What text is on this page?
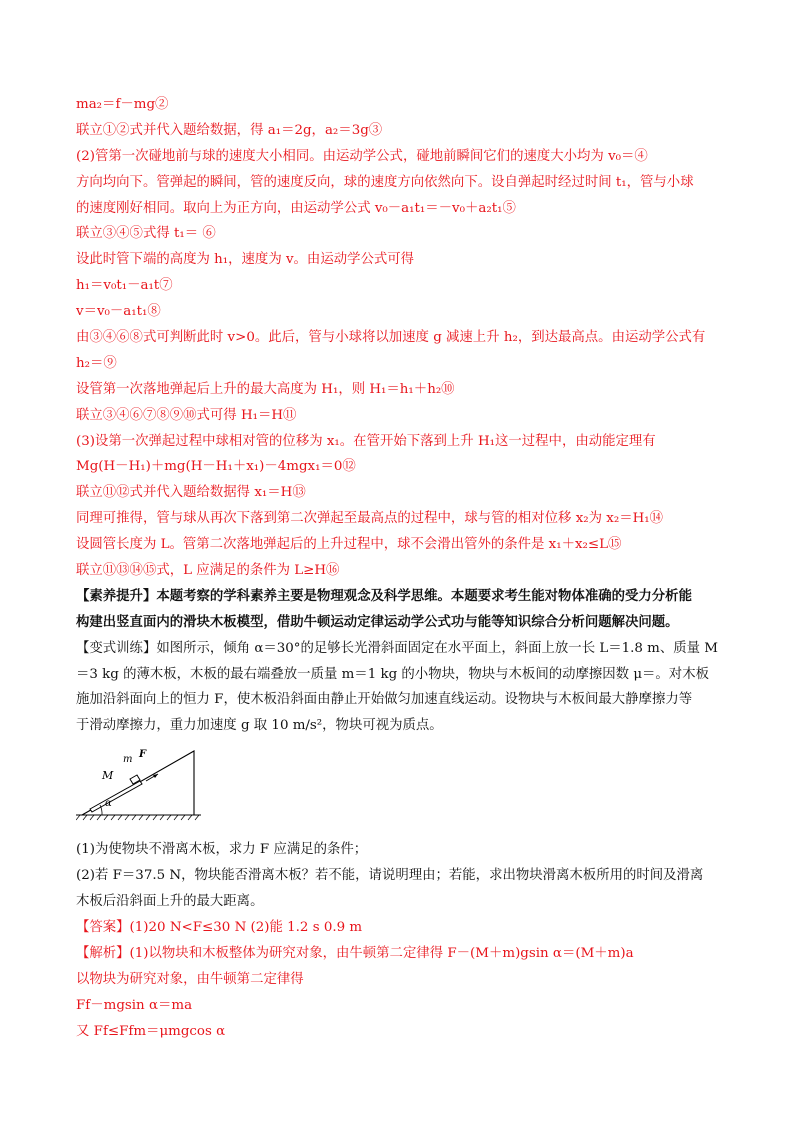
ma₂＝f－mg②
联立①②式并代入题给数据，得 a₁＝2g，a₂＝3g③
(2)管第一次碰地前与球的速度大小相同。由运动学公式，碰地前瞬间它们的速度大小均为 v₀＝④
方向均向下。管弹起的瞬间，管的速度反向，球的速度方向依然向下。设自弹起时经过时间 t₁，管与小球
的速度刚好相同。取向上为正方向，由运动学公式 v₀－a₁t₁＝－v₀＋a₂t₁⑤
联立③④⑤式得 t₁＝ ⑥
设此时管下端的高度为 h₁，速度为 v。由运动学公式可得
h₁＝v₀t₁－a₁t⑦
v＝v₀－a₁t₁⑧
由③④⑥⑧式可判断此时 v>0。此后，管与小球将以加速度 g 减速上升 h₂，到达最高点。由运动学公式有
h₂＝⑨
设管第一次落地弹起后上升的最大高度为 H₁，则 H₁＝h₁＋h₂⑩
联立③④⑥⑦⑧⑨⑩式可得 H₁＝H⑪
(3)设第一次弹起过程中球相对管的位移为 x₁。在管开始下落到上升 H₁这一过程中，由动能定理有
Mg(H－H₁)＋mg(H－H₁＋x₁)－4mgx₁＝0⑫
联立⑪⑫式并代入题给数据得 x₁＝H⑬
同理可推得，管与球从再次下落到第二次弹起至最高点的过程中，球与管的相对位移 x₂为 x₂＝H₁⑭
设圆管长度为 L。管第二次落地弹起后的上升过程中，球不会滑出管外的条件是 x₁＋x₂≤L⑮
联立⑪⑬⑭⑮式，L 应满足的条件为 L≥H⑯
【素养提升】本题考察的学科素养主要是物理观念及科学思维。本题要求考生能对物体准确的受力分析能
构建出竖直面内的滑块木板模型，借助牛顿运动定律运动学公式功与能等知识综合分析问题解决问题。
【变式训练】如图所示，倾角 α＝30°的足够长光滑斜面固定在水平面上，斜面上放一长 L＝1.8 m、质量 M
＝3 kg 的薄木板，木板的最右端叠放一质量 m＝1 kg 的小物块，物块与木板间的动摩擦因数 μ＝。对木板
施加沿斜面向上的恒力 F，使木板沿斜面由静止开始做匀加速直线运动。设物块与木板间最大静摩擦力等
于滑动摩擦力，重力加速度 g 取 10 m/s²，物块可视为质点。
M
m F
α
(1)为使物块不滑离木板，求力 F 应满足的条件；
(2)若 F＝37.5 N，物块能否滑离木板？若不能，请说明理由；若能，求出物块滑离木板所用的时间及滑离
木板后沿斜面上升的最大距离。
【答案】(1)20 N<F≤30 N (2)能 1.2 s 0.9 m
【解析】(1)以物块和木板整体为研究对象，由牛顿第二定律得 F－(M＋m)gsin α＝(M＋m)a
以物块为研究对象，由牛顿第二定律得
Ff－mgsin α＝ma
又 Ff≤Ffm＝μmgcos α
